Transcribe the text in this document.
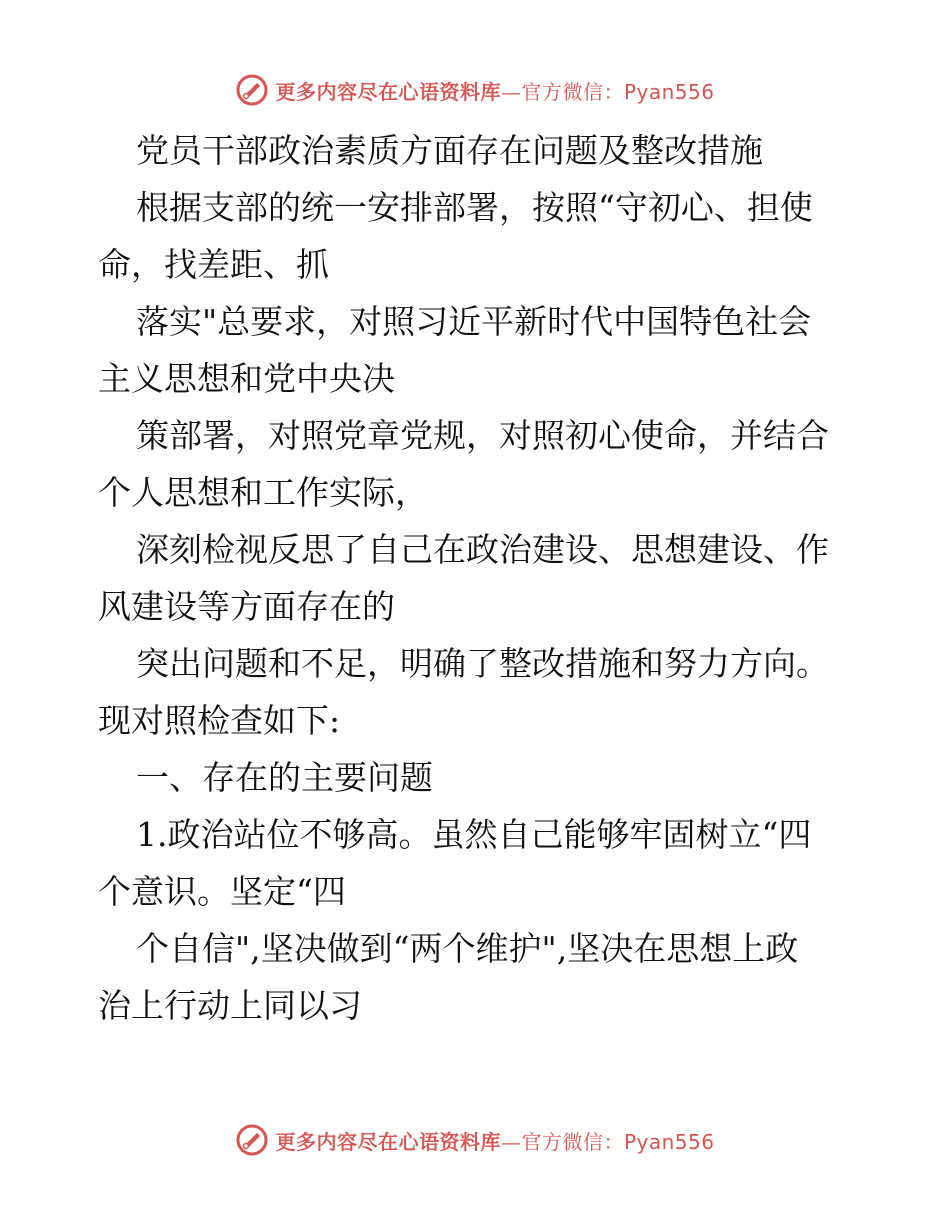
更多内容尽在心语资料库—官方微信：Pyan556

党员干部政治素质方面存在问题及整改措施

根据支部的统一安排部署，按照“守初心、担使

命，找差距、抓

落实"总要求，对照习近平新时代中国特色社会

主义思想和党中央决

策部署，对照党章党规，对照初心使命，并结合

个人思想和工作实际，

深刻检视反思了自己在政治建设、思想建设、作

风建设等方面存在的

突出问题和不足，明确了整改措施和努力方向。

现对照检查如下:

一、存在的主要问题

1.政治站位不够高。虽然自己能够牢固树立“四

个意识。坚定“四

个自信",坚决做到“两个维护",坚决在思想上政

治上行动上同以习

更多内容尽在心语资料库—官方微信：Pyan556
